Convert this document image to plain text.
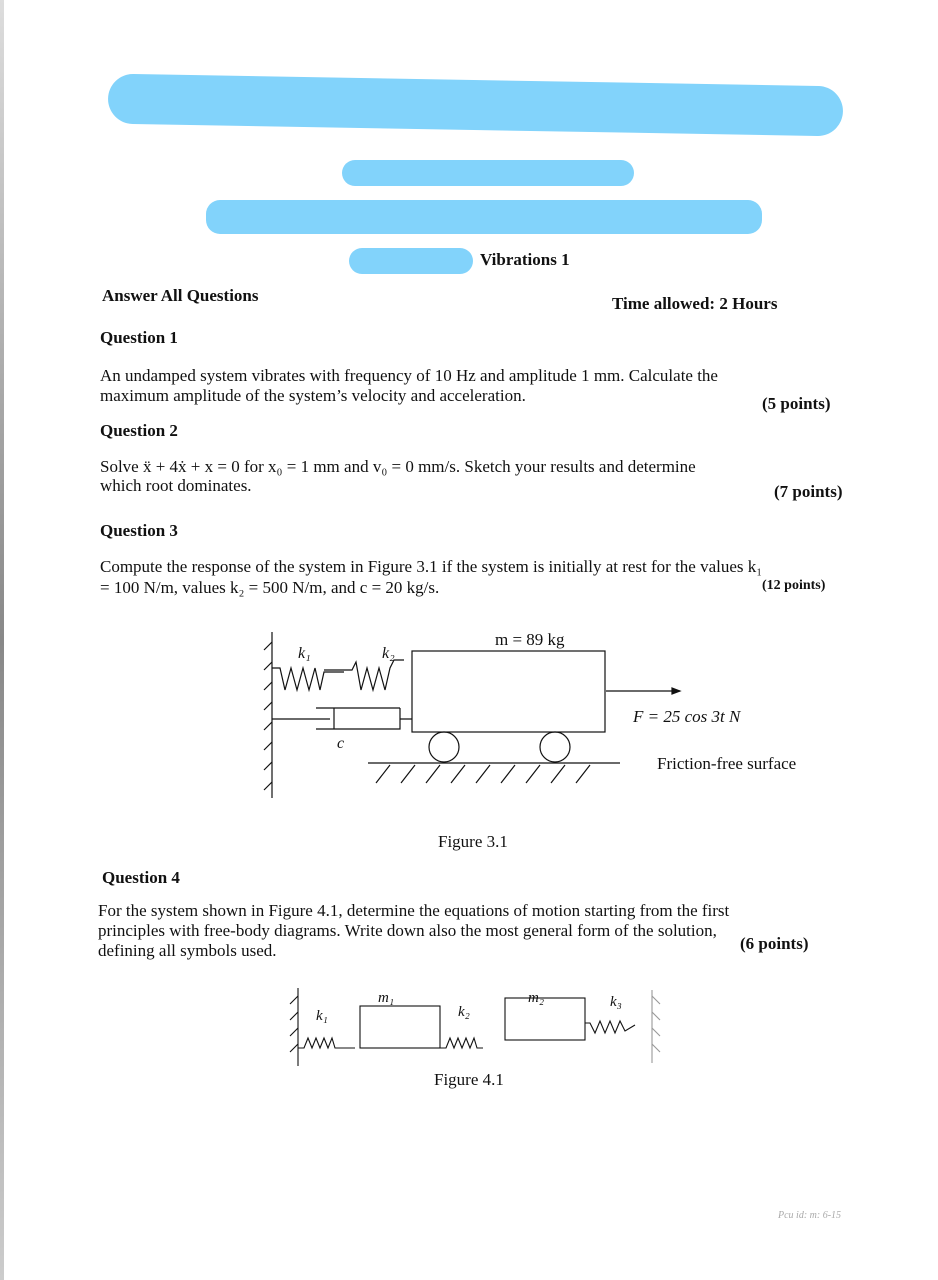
Vibrations 1
Answer All Questions	Time allowed: 2 Hours
Question 1
An undamped system vibrates with frequency of 10 Hz and amplitude 1 mm. Calculate the
maximum amplitude of the system’s velocity and acceleration.	(5 points)
Question 2
Solve ẍ + 4ẋ + x = 0 for x₀ = 1 mm and v₀ = 0 mm/s. Sketch your results and determine
which root dominates.	(7 points)
Question 3
Compute the response of the system in Figure 3.1 if the system is initially at rest for the values k₁
= 100 N/m, values k₂ = 500 N/m, and c = 20 kg/s.	(12 points)
k₁	k₂
m = 89 kg
c
F = 25 cos 3t N
Friction-free surface
Figure 3.1
Question 4
For the system shown in Figure 4.1, determine the equations of motion starting from the first
principles with free-body diagrams. Write down also the most general form of the solution,
defining all symbols used.	(6 points)
k₁
m₁
k₂
m₂	k₃
Figure 4.1
Pcu id: m: 6-15
